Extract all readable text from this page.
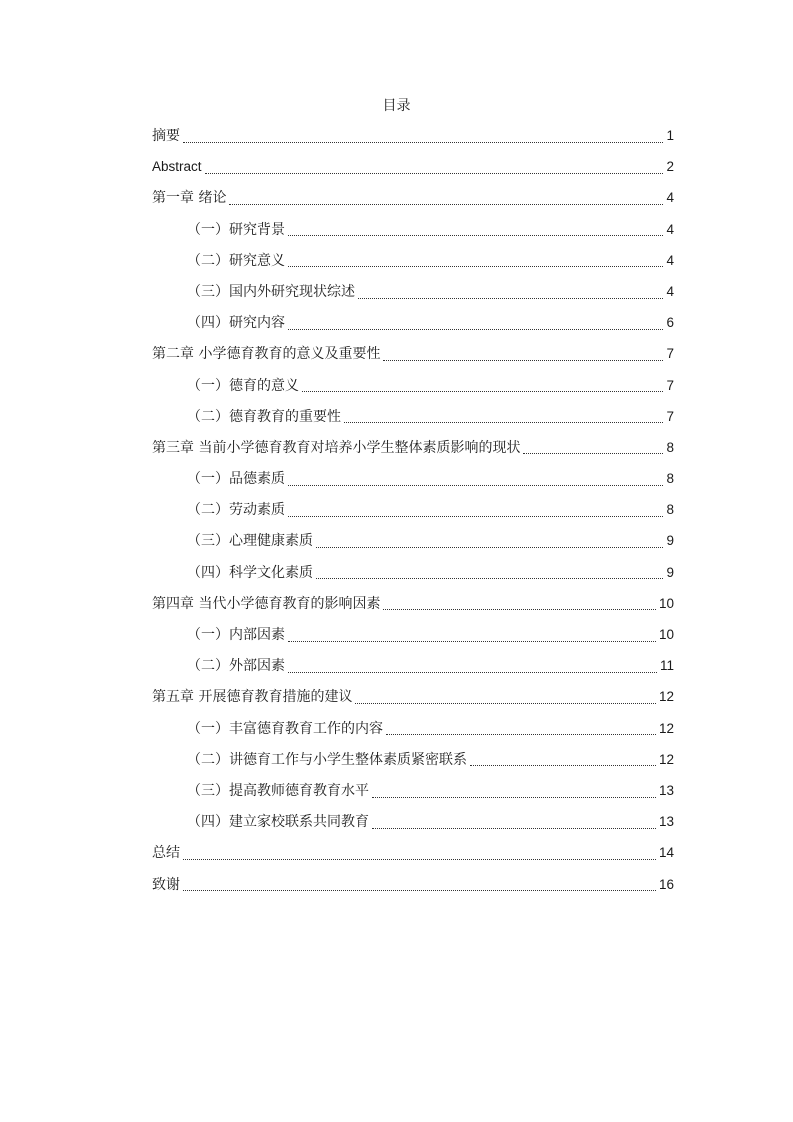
目录
摘要	1
Abstract	2
第一章 绪论	4
（一）研究背景	4
（二）研究意义	4
（三）国内外研究现状综述	4
（四）研究内容	6
第二章 小学德育教育的意义及重要性	7
（一）德育的意义	7
（二）德育教育的重要性	7
第三章 当前小学德育教育对培养小学生整体素质影响的现状	8
（一）品德素质	8
（二）劳动素质	8
（三）心理健康素质	9
（四）科学文化素质	9
第四章 当代小学德育教育的影响因素	10
（一）内部因素	10
（二）外部因素	11
第五章 开展德育教育措施的建议	12
（一）丰富德育教育工作的内容	12
（二）讲德育工作与小学生整体素质紧密联系	12
（三）提高教师德育教育水平	13
（四）建立家校联系共同教育	13
总结	14
致谢	16
